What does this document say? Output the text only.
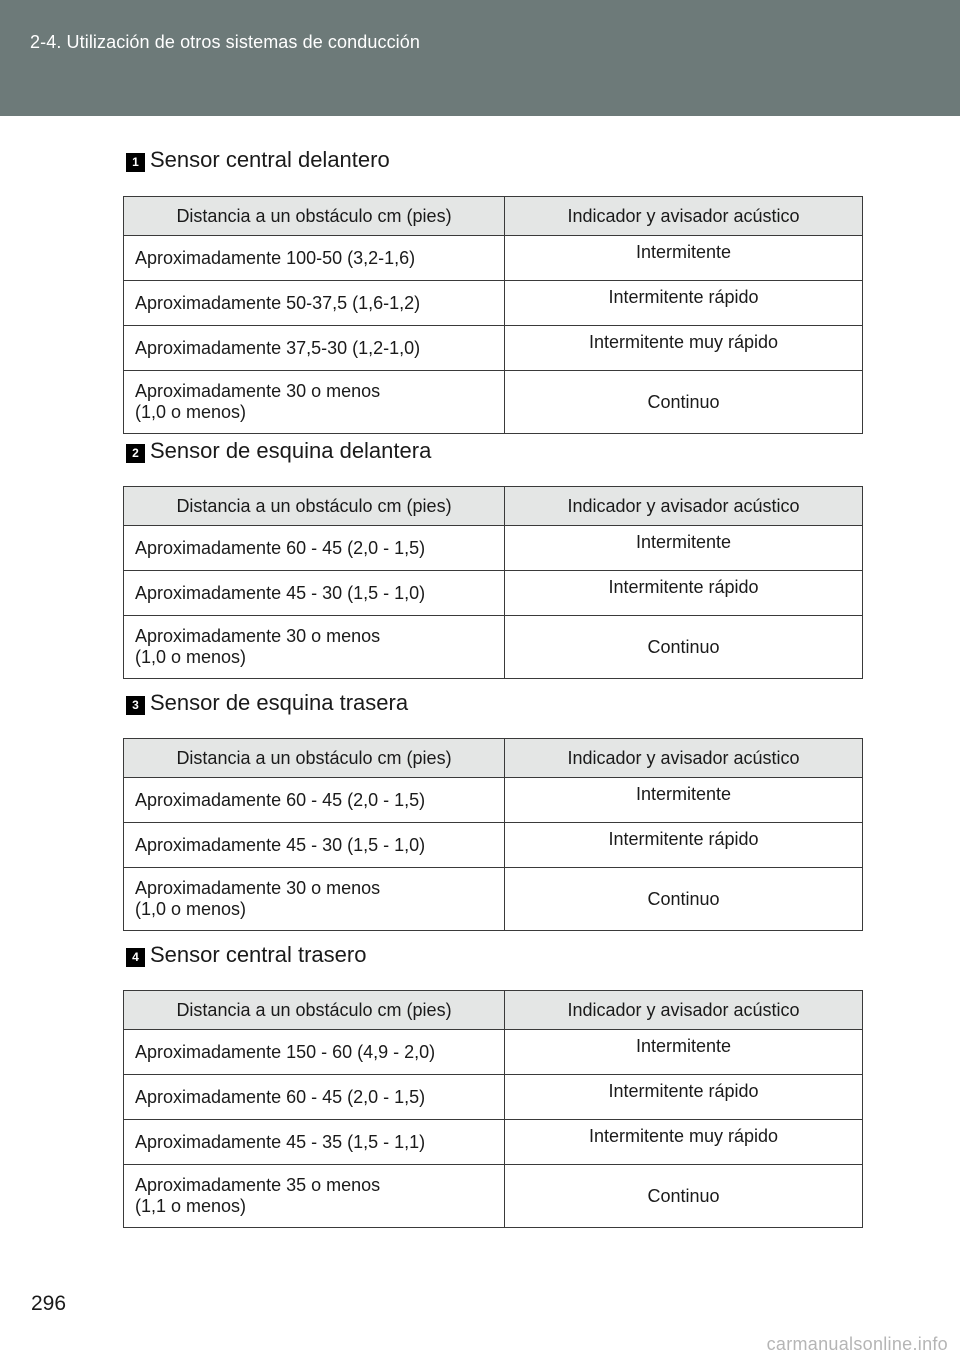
2-4. Utilización de otros sistemas de conducción
1 Sensor central delantero
Distancia a un obstáculo cm (pies)	Indicador y avisador acústico
Aproximadamente 100-50 (3,2-1,6)	Intermitente
Aproximadamente 50-37,5 (1,6-1,2)	Intermitente rápido
Aproximadamente 37,5-30 (1,2-1,0)	Intermitente muy rápido

Aproximadamente 30 o menos
(1,0 o menos)	Continuo
2 Sensor de esquina delantera
Distancia a un obstáculo cm (pies)	Indicador y avisador acústico
Aproximadamente 60 - 45 (2,0 - 1,5)	Intermitente
Aproximadamente 45 - 30 (1,5 - 1,0)	Intermitente rápido

Aproximadamente 30 o menos
(1,0 o menos)	Continuo
3 Sensor de esquina trasera
Distancia a un obstáculo cm (pies)	Indicador y avisador acústico
Aproximadamente 60 - 45 (2,0 - 1,5)	Intermitente
Aproximadamente 45 - 30 (1,5 - 1,0)	Intermitente rápido

Aproximadamente 30 o menos
(1,0 o menos)	Continuo
4 Sensor central trasero
Distancia a un obstáculo cm (pies)	Indicador y avisador acústico
Aproximadamente 150 - 60 (4,9 - 2,0)	Intermitente
Aproximadamente 60 - 45 (2,0 - 1,5)	Intermitente rápido
Aproximadamente 45 - 35 (1,5 - 1,1)	Intermitente muy rápido

Aproximadamente 35 o menos
(1,1 o menos)	Continuo
296
carmanualsonline.info
